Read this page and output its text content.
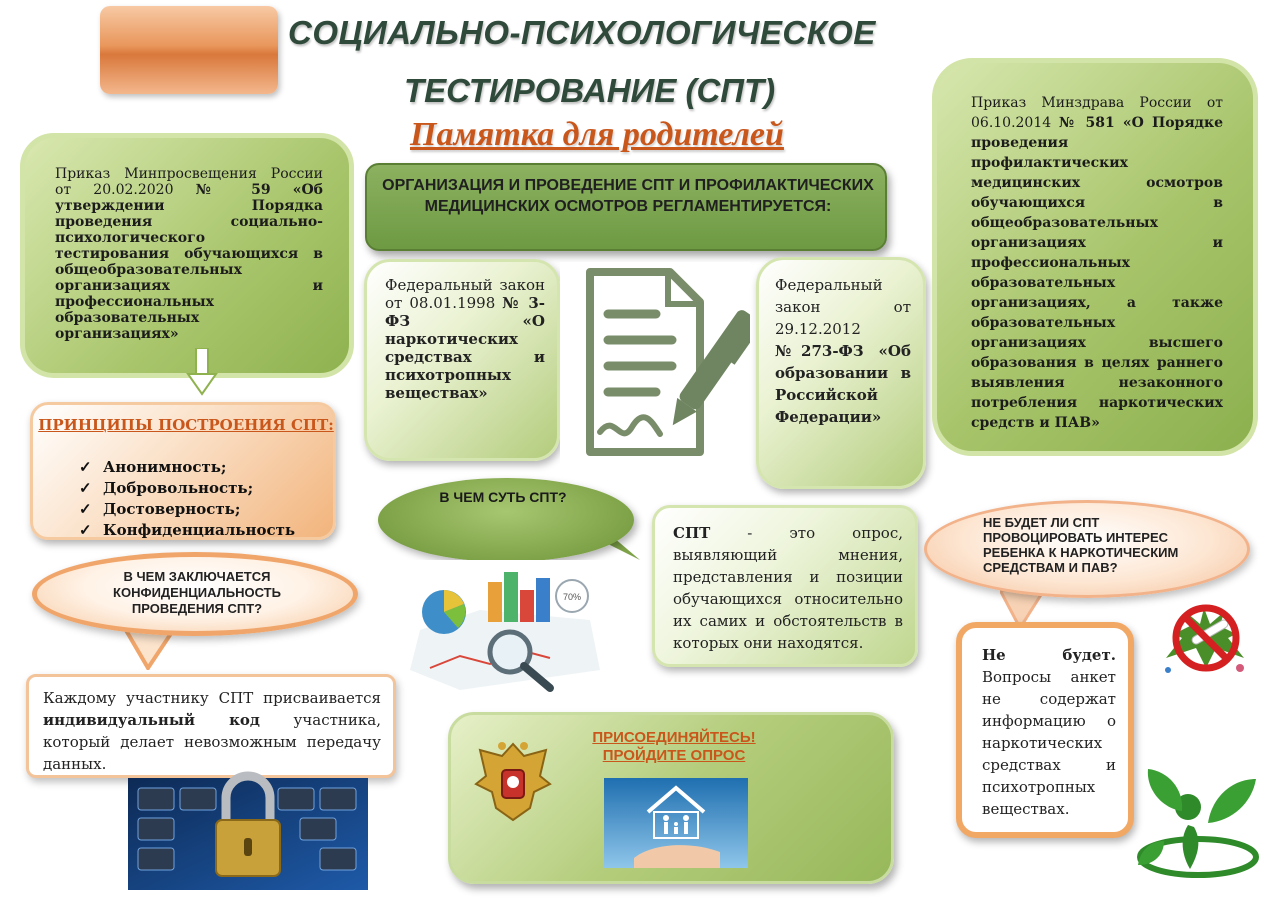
СОЦИАЛЬНО-ПСИХОЛОГИЧЕСКОЕ
ТЕСТИРОВАНИЕ (СПТ)
Памятка для родителей
Приказ Минпросвещения России от 20.02.2020 № 59 «Об утверждении Порядка проведения социально-психологического тестирования обучающихся в общеобразовательных организациях и профессиональных образовательных организациях»
ОРГАНИЗАЦИЯ И ПРОВЕДЕНИЕ СПТ И ПРОФИЛАКТИЧЕСКИХ МЕДИЦИНСКИХ ОСМОТРОВ РЕГЛАМЕНТИРУЕТСЯ:
Федеральный закон от 08.01.1998 № 3-ФЗ «О наркотических средствах и психотропных веществах»
Федеральный закон от 29.12.2012 №273-ФЗ «Об образовании в Российской Федерации»
Приказ Минздрава России от 06.10.2014 № 581 «О Порядке проведения профилактических медицинских осмотров обучающихся в общеобразовательных организациях и профессиональных образовательных организациях, а также образовательных организациях высшего образования в целях раннего выявления незаконного потребления наркотических средств и ПАВ»
ПРИНЦИПЫ ПОСТРОЕНИЯ СПТ:
✓ Анонимность;
✓ Добровольность;
✓ Достоверность;
✓ Конфиденциальность
В ЧЕМ СУТЬ СПТ?
СПТ - это опрос, выявляющий мнения, представления и позиции обучающихся относительно их самих и обстоятельств в которых они находятся.
В ЧЕМ ЗАКЛЮЧАЕТСЯ КОНФИДЕНЦИАЛЬНОСТЬ ПРОВЕДЕНИЯ СПТ?
70%
Каждому участнику СПТ присваивается индивидуальный код участника, который делает невозможным передачу данных.
ПРИСОЕДИНЯЙТЕСЬ!
ПРОЙДИТЕ ОПРОС
НЕ БУДЕТ ЛИ СПТ ПРОВОЦИРОВАТЬ ИНТЕРЕС РЕБЕНКА К НАРКОТИЧЕСКИМ СРЕДСТВАМ И ПАВ?
Не будет. Вопросы анкет не содержат информацию о наркотических средствах и психотропных веществах.
